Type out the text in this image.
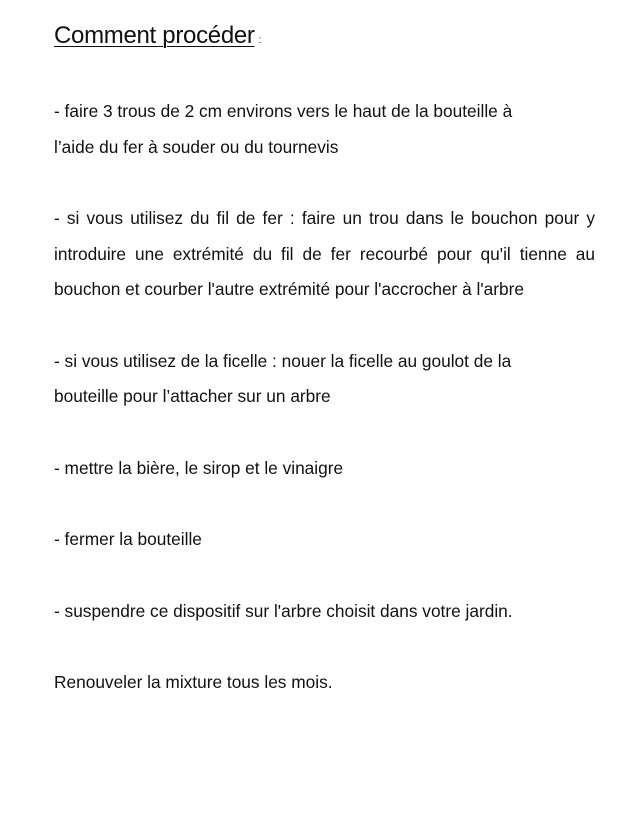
Comment procéder :
- faire 3 trous de 2 cm environs vers le haut de la bouteille à
l’aide du fer à souder ou du tournevis
- si vous utilisez du fil de fer : faire un trou dans le bouchon pour y introduire une extrémité du fil de fer recourbé pour qu'il tienne au bouchon et courber l'autre extrémité pour l'accrocher à l'arbre
- si vous utilisez de la ficelle : nouer la ficelle au goulot de la
bouteille pour l’attacher sur un arbre
- mettre la bière, le sirop et le vinaigre
- fermer la bouteille
- suspendre ce dispositif sur l'arbre choisit dans votre jardin.
Renouveler la mixture tous les mois.
